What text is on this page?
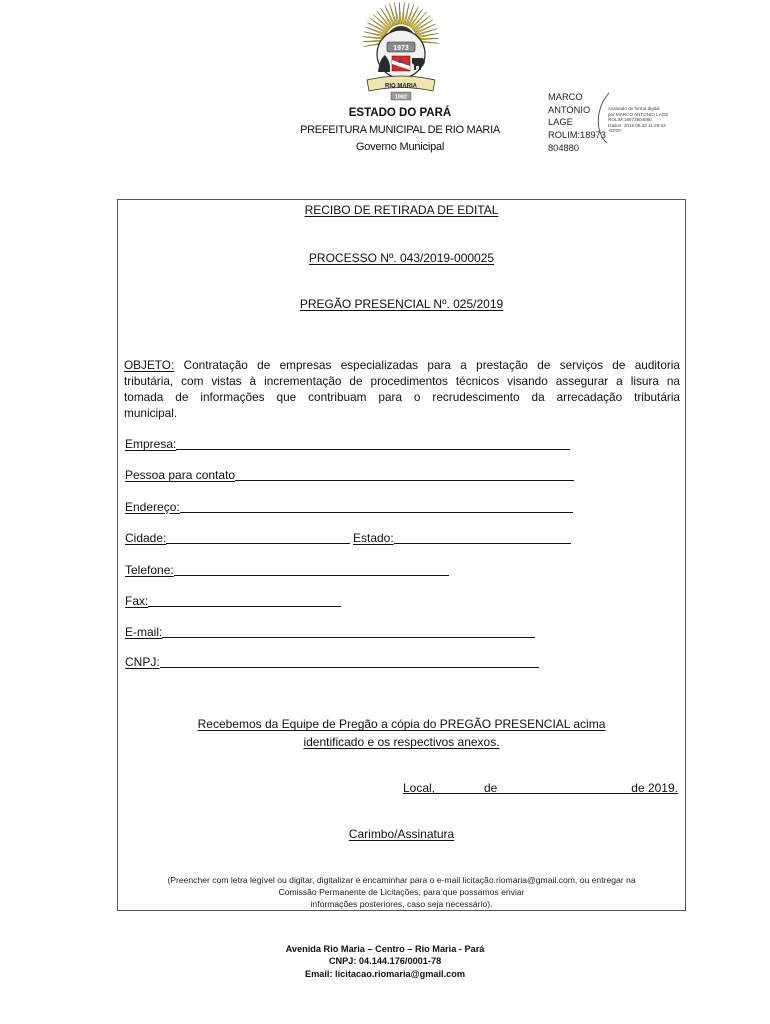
1973
RIO MARIA
1982
ESTADO DO PARÁ
PREFEITURA MUNICIPAL DE RIO MARIA
Governo Municipal
MARCO
ANTONIO
LAGE
ROLIM:18973
804880
Assinado de forma digital
por MARCO ANTONIO LAGE
ROLIM:18973804880
Dados: 2019.06.23 11:28:52
-03'00'
RECIBO DE RETIRADA DE EDITAL
PROCESSO Nº. 043/2019-000025
PREGÃO PRESENCIAL Nº. 025/2019
OBJETO: Contratação de empresas especializadas para a prestação de serviços de auditoria
tributária, com vistas à incrementação de procedimentos técnicos visando assegurar a lisura na
tomada de informações que contribuam para o recrudescimento da arrecadação tributária
municipal.
Empresa:
Pessoa para contato
Endereço:
Cidade:	Estado:
Telefone:
Fax:
E-mail:
CNPJ:
Recebemos da Equipe de Pregão a cópia do PREGÃO PRESENCIAL acima
identificado e os respectivos anexos.
Local,	de	de 2019.
Carimbo/Assinatura
(Preencher com letra legível ou digitar, digitalizar e encaminhar para o e-mail licitação.riomaria@gmail.com, ou entregar na
Comissão Permanente de Licitações, para que possamos enviar
informações posteriores, caso seja necessário).
Avenida Rio Maria – Centro – Rio Maria - Pará
CNPJ: 04.144.176/0001-78
Email: licitacao.riomaria@gmail.com
